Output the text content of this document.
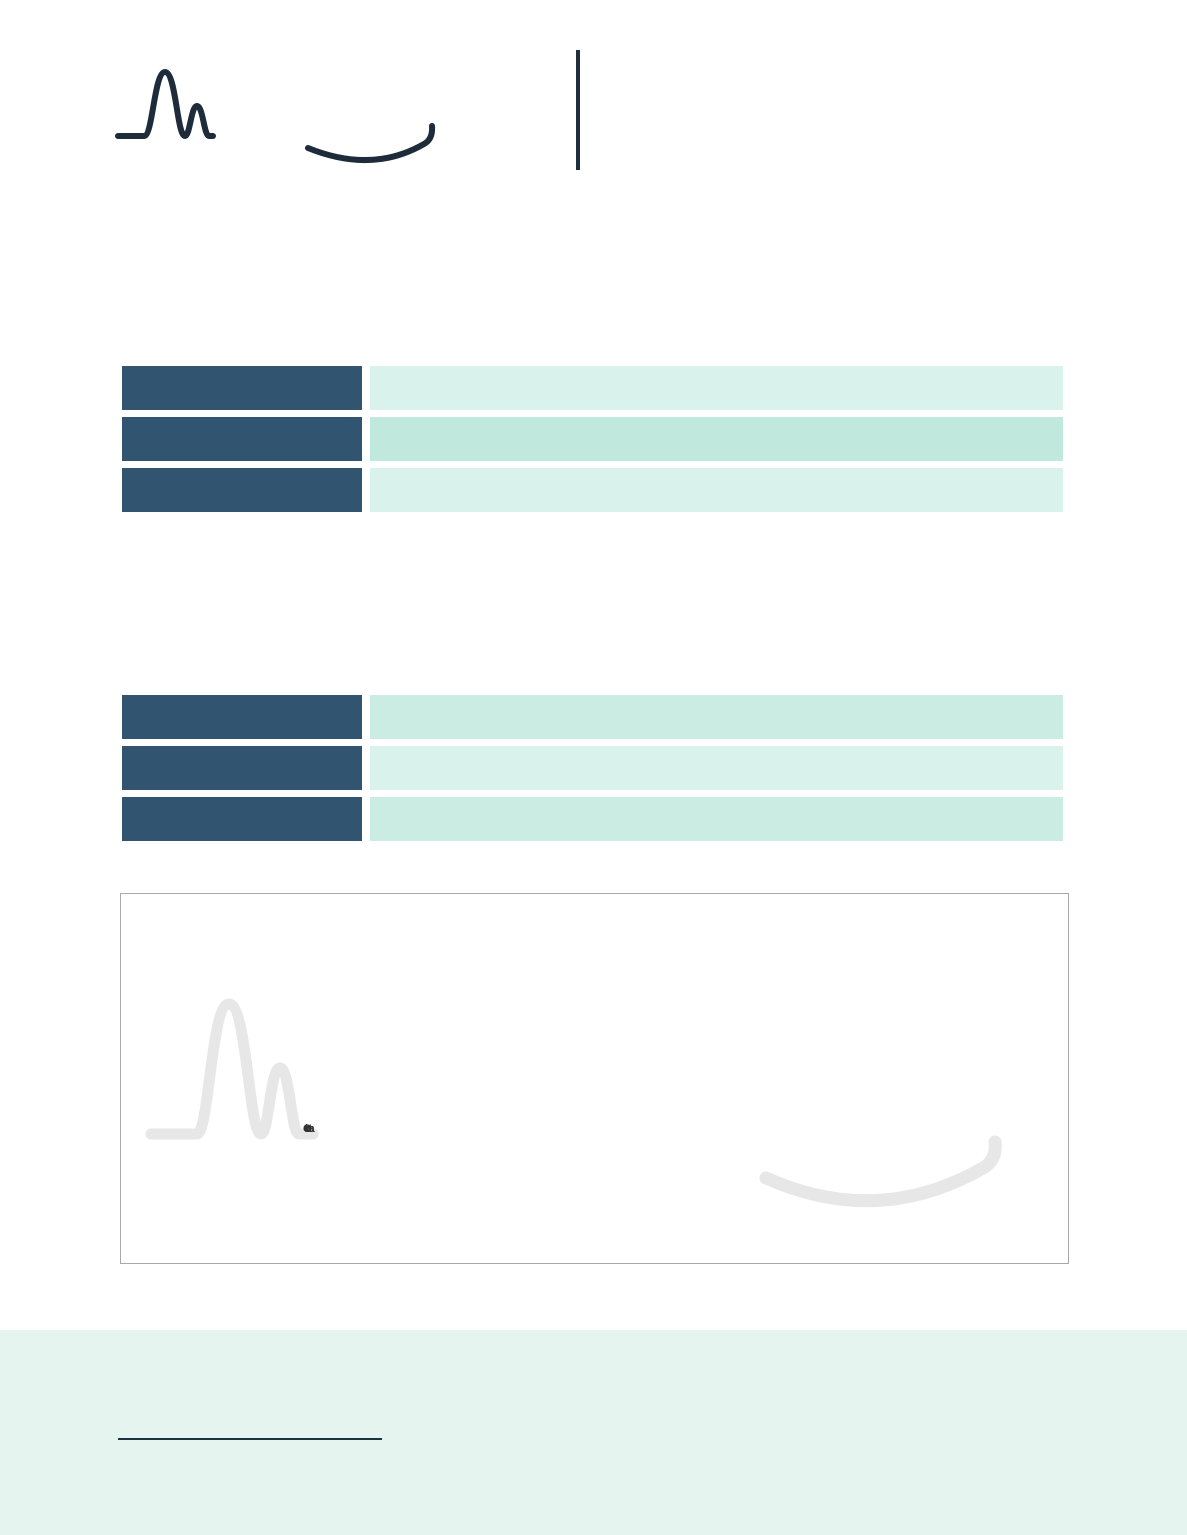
Chromate
